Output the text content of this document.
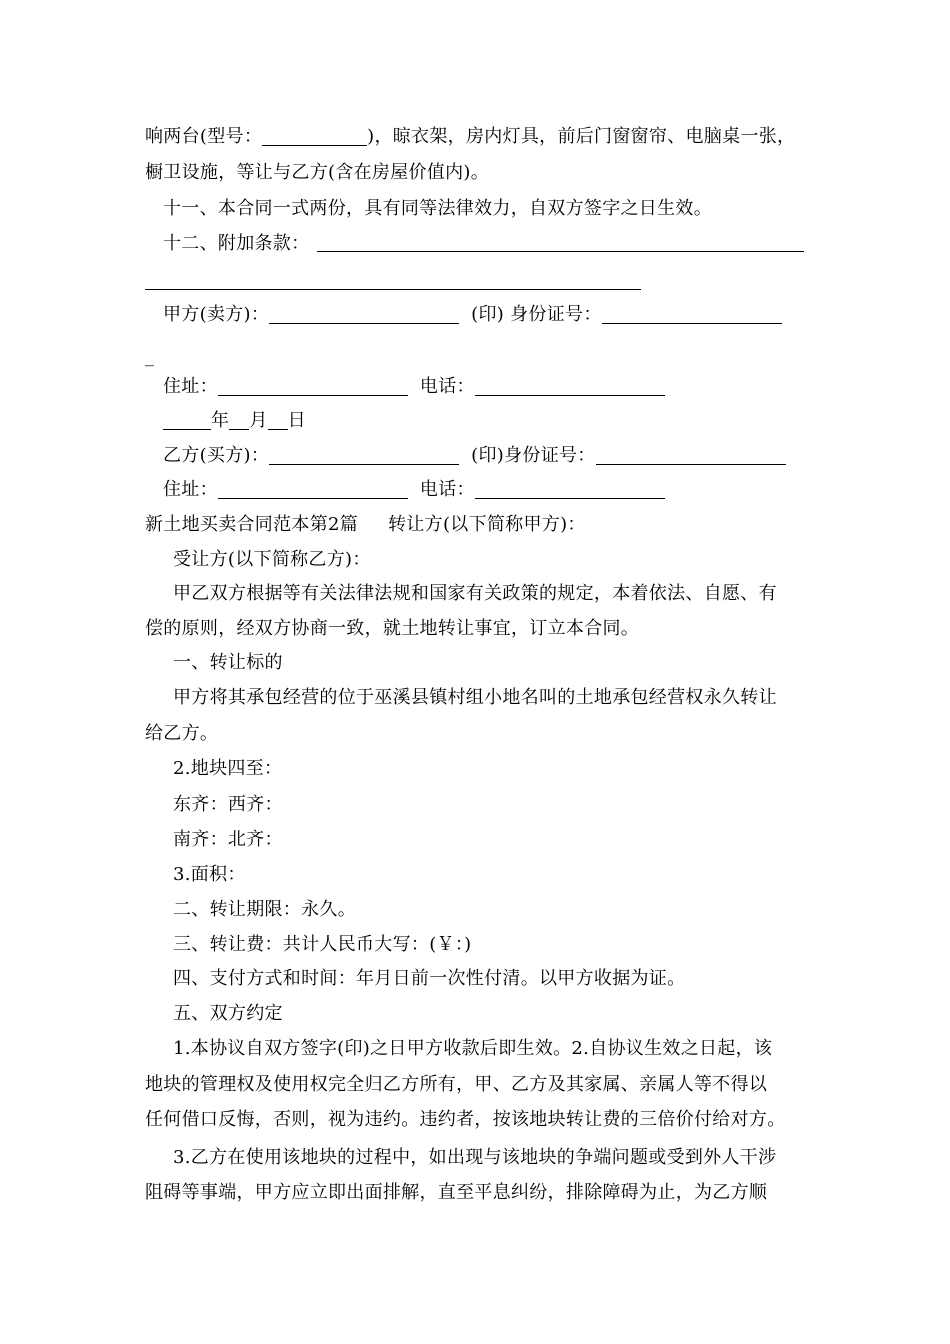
响两台(型号：	)，晾衣架，房内灯具，前后门窗窗帘、电脑桌一张，
橱卫设施，等让与乙方(含在房屋价值内)。
十一、本合同一式两份，具有同等法律效力，自双方签字之日生效。
十二、附加条款：
甲方(卖方)：	(印) 身份证号：
_
住址：	电话：
年 月 日
乙方(买方)：	(印)身份证号：
住址：	电话：
新土地买卖合同范本第2篇 转让方(以下简称甲方)：
受让方(以下简称乙方)：
甲乙双方根据等有关法律法规和国家有关政策的规定，本着依法、自愿、有
偿的原则，经双方协商一致，就土地转让事宜，订立本合同。
一、转让标的
甲方将其承包经营的位于巫溪县镇村组小地名叫的土地承包经营权永久转让
给乙方。
2.地块四至：
东齐：西齐：
南齐：北齐：
3.面积：
二、转让期限：永久。
三、转让费：共计人民币大写：(￥：)
四、支付方式和时间：年月日前一次性付清。以甲方收据为证。
五、双方约定
1.本协议自双方签字(印)之日甲方收款后即生效。2.自协议生效之日起，该
地块的管理权及使用权完全归乙方所有，甲、乙方及其家属、亲属人等不得以
任何借口反悔，否则，视为违约。违约者，按该地块转让费的三倍价付给对方。
3.乙方在使用该地块的过程中，如出现与该地块的争端问题或受到外人干涉
阻碍等事端，甲方应立即出面排解，直至平息纠纷，排除障碍为止，为乙方顺
